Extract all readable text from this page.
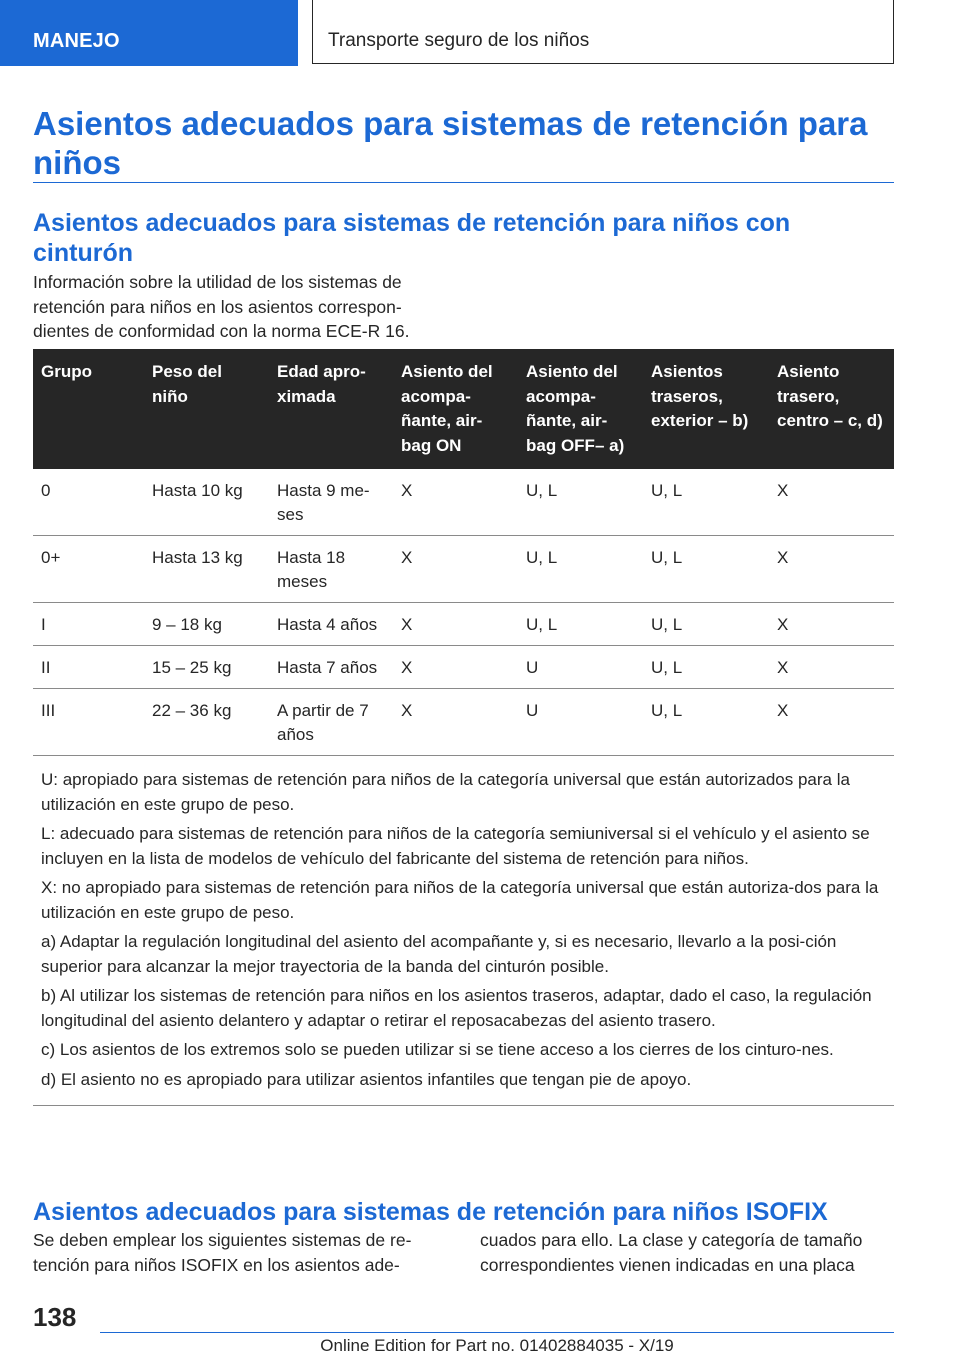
MANEJO	Transporte seguro de los niños
Asientos adecuados para sistemas de retención para niños
Asientos adecuados para sistemas de retención para niños con cinturón
Información sobre la utilidad de los sistemas de retención para niños en los asientos correspon-dientes de conformidad con la norma ECE-R 16.
Grupo	Peso del niño	Edad apro-ximada	Asiento del acompa-ñante, air-bag ON	Asiento del acompa-ñante, air-bag OFF– a)	Asientos traseros, exterior – b)	Asiento trasero, centro – c, d)
0	Hasta 10 kg	Hasta 9 me-ses	X	U, L	U, L	X
0+	Hasta 13 kg	Hasta 18 meses	X	U, L	U, L	X
I	9 – 18 kg	Hasta 4 años	X	U, L	U, L	X
II	15 – 25 kg	Hasta 7 años	X	U	U, L	X
III	22 – 36 kg	A partir de 7 años	X	U	U, L	X

U: apropiado para sistemas de retención para niños de la categoría universal que están autorizados para la utilización en este grupo de peso.

L: adecuado para sistemas de retención para niños de la categoría semiuniversal si el vehículo y el asiento se incluyen en la lista de modelos de vehículo del fabricante del sistema de retención para niños.

X: no apropiado para sistemas de retención para niños de la categoría universal que están autoriza-dos para la utilización en este grupo de peso.

a) Adaptar la regulación longitudinal del asiento del acompañante y, si es necesario, llevarlo a la posi-ción superior para alcanzar la mejor trayectoria de la banda del cinturón posible.

b) Al utilizar los sistemas de retención para niños en los asientos traseros, adaptar, dado el caso, la regulación longitudinal del asiento delantero y adaptar o retirar el reposacabezas del asiento trasero.

c) Los asientos de los extremos solo se pueden utilizar si se tiene acceso a los cierres de los cinturo-nes.

d) El asiento no es apropiado para utilizar asientos infantiles que tengan pie de apoyo.

Asientos adecuados para sistemas de retención para niños ISOFIX
Se deben emplear los siguientes sistemas de re-tención para niños ISOFIX en los asientos ade-
cuados para ello. La clase y categoría de tamaño correspondientes vienen indicadas en una placa
138
Online Edition for Part no. 01402884035 - X/19
